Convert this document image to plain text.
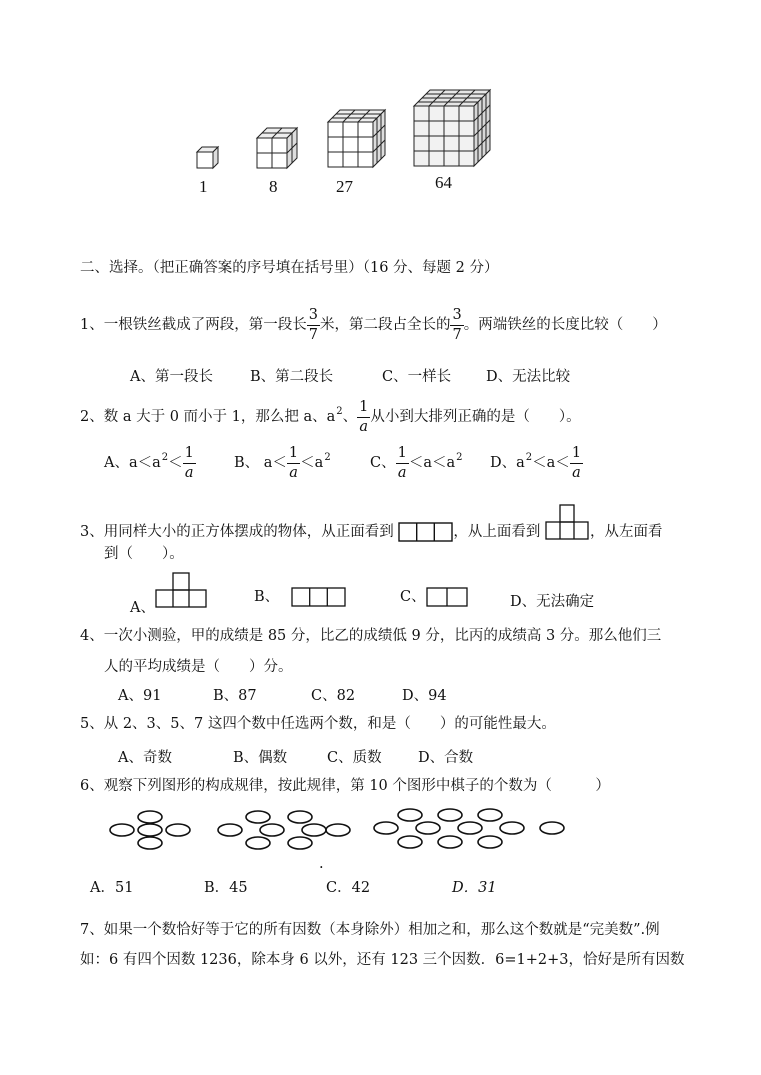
1	8	27	64
二、选择。（把正确答案的序号填在括号里）（16 分、每题 2 分）
1、一根铁丝截成了两段，第一段长 $\frac{3}{7}$ 米，第二段占全长的 $\frac{3}{7}$ 。两端铁丝的长度比较（　　）
A、第一段长	B、第二段长	C、一样长 D、无法比较
2、数 a 大于 0 而小于 1，那么把 a、$a^2$、 $\frac{1}{a}$ 从小到大排列正确的是（　　）。
A、$a<a^2< \frac{1}{a}$	B、 $a< \frac{1}{a} <a^2$	C、 $\frac{1}{a} <a<a^2$ D、$a^2<a< \frac{1}{a}$
3、用同样大小的正方体摆成的物体，从正面看到	，从上面看到	，从左面看
到（　　）。
A、
B、	C、	D、无法确定
4、一次小测验，甲的成绩是 85 分，比乙的成绩低 9 分，比丙的成绩高 3 分。那么他们三
人的平均成绩是（　　）分。
A、91	B、87	C、82	D、94
5、从 2、3、5、7 这四个数中任选两个数，和是（　　）的可能性最大。
A、奇数	B、偶数	C、质数	D、合数
6、观察下列图形的构成规律，按此规律，第 10 个图形中棋子的个数为（　　　）
.
A．51	B．45	C．42	D．31
7、如果一个数恰好等于它的所有因数（本身除外）相加之和，那么这个数就是“完美数”.例
如：6 有四个因数 1236，除本身 6 以外，还有 123 三个因数．6=1+2+3，恰好是所有因数
